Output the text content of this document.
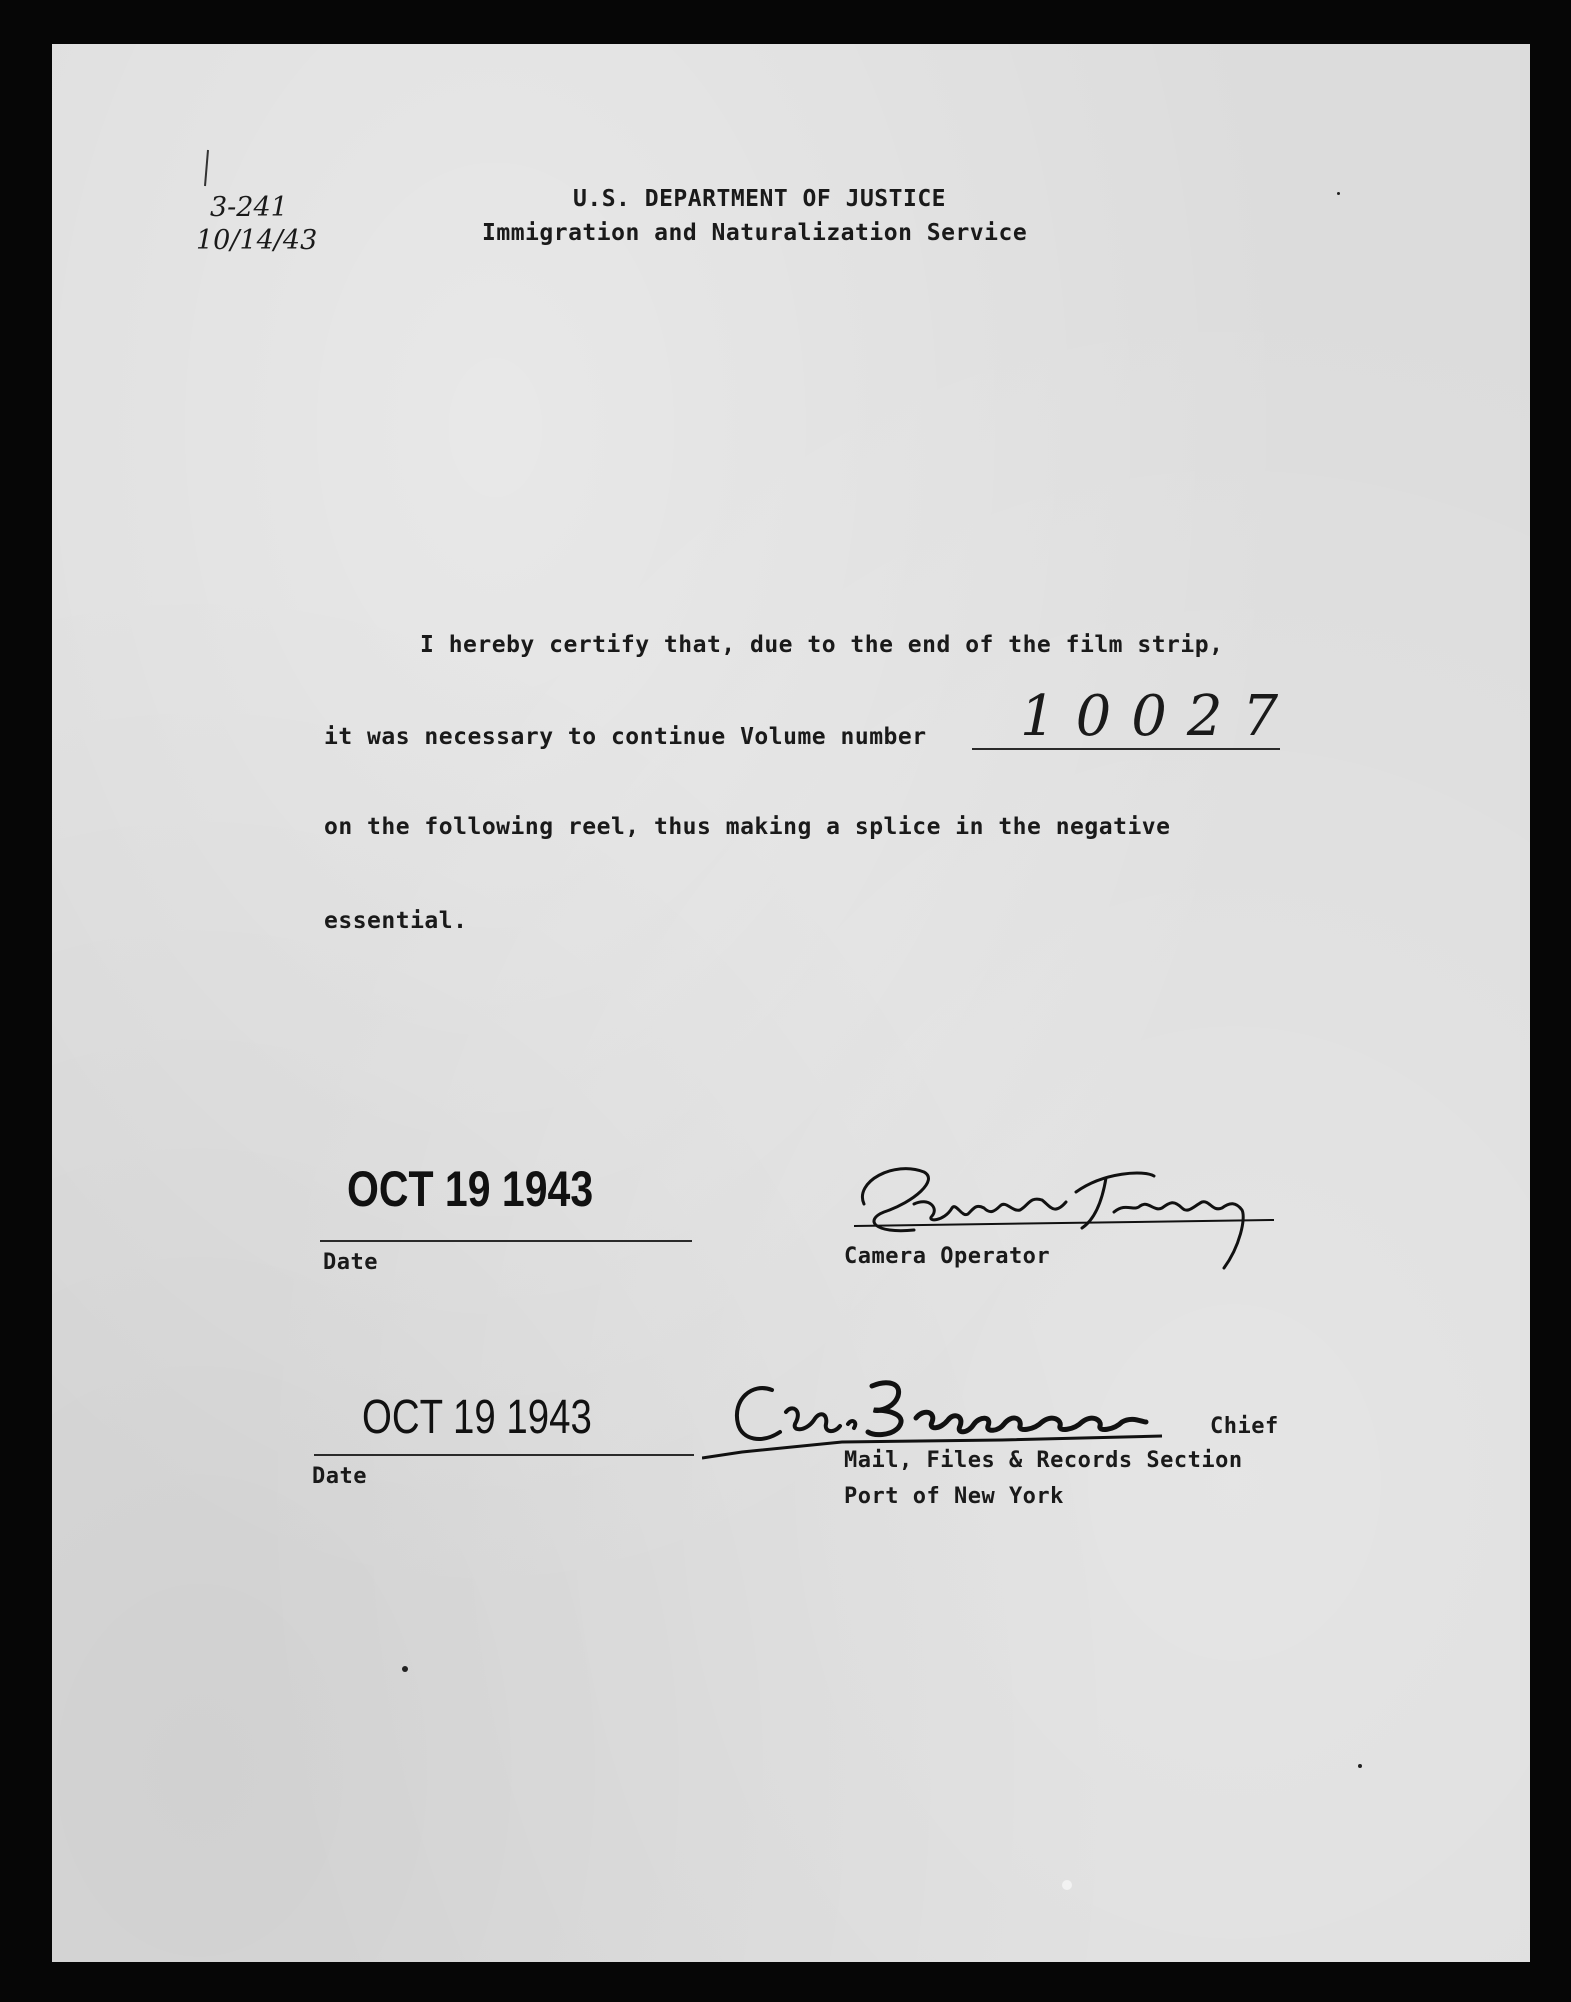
3-241
10/14/43
U.S. DEPARTMENT OF JUSTICE
Immigration and Naturalization Service
I hereby certify that, due to the end of the film strip,
it was necessary to continue Volume number 10027
on the following reel, thus making a splice in the negative
essential.
OCT 19 1943
Date	Camera Operator
OCT 19 1943
Date
Chief
Mail, Files & Records Section
Port of New York
